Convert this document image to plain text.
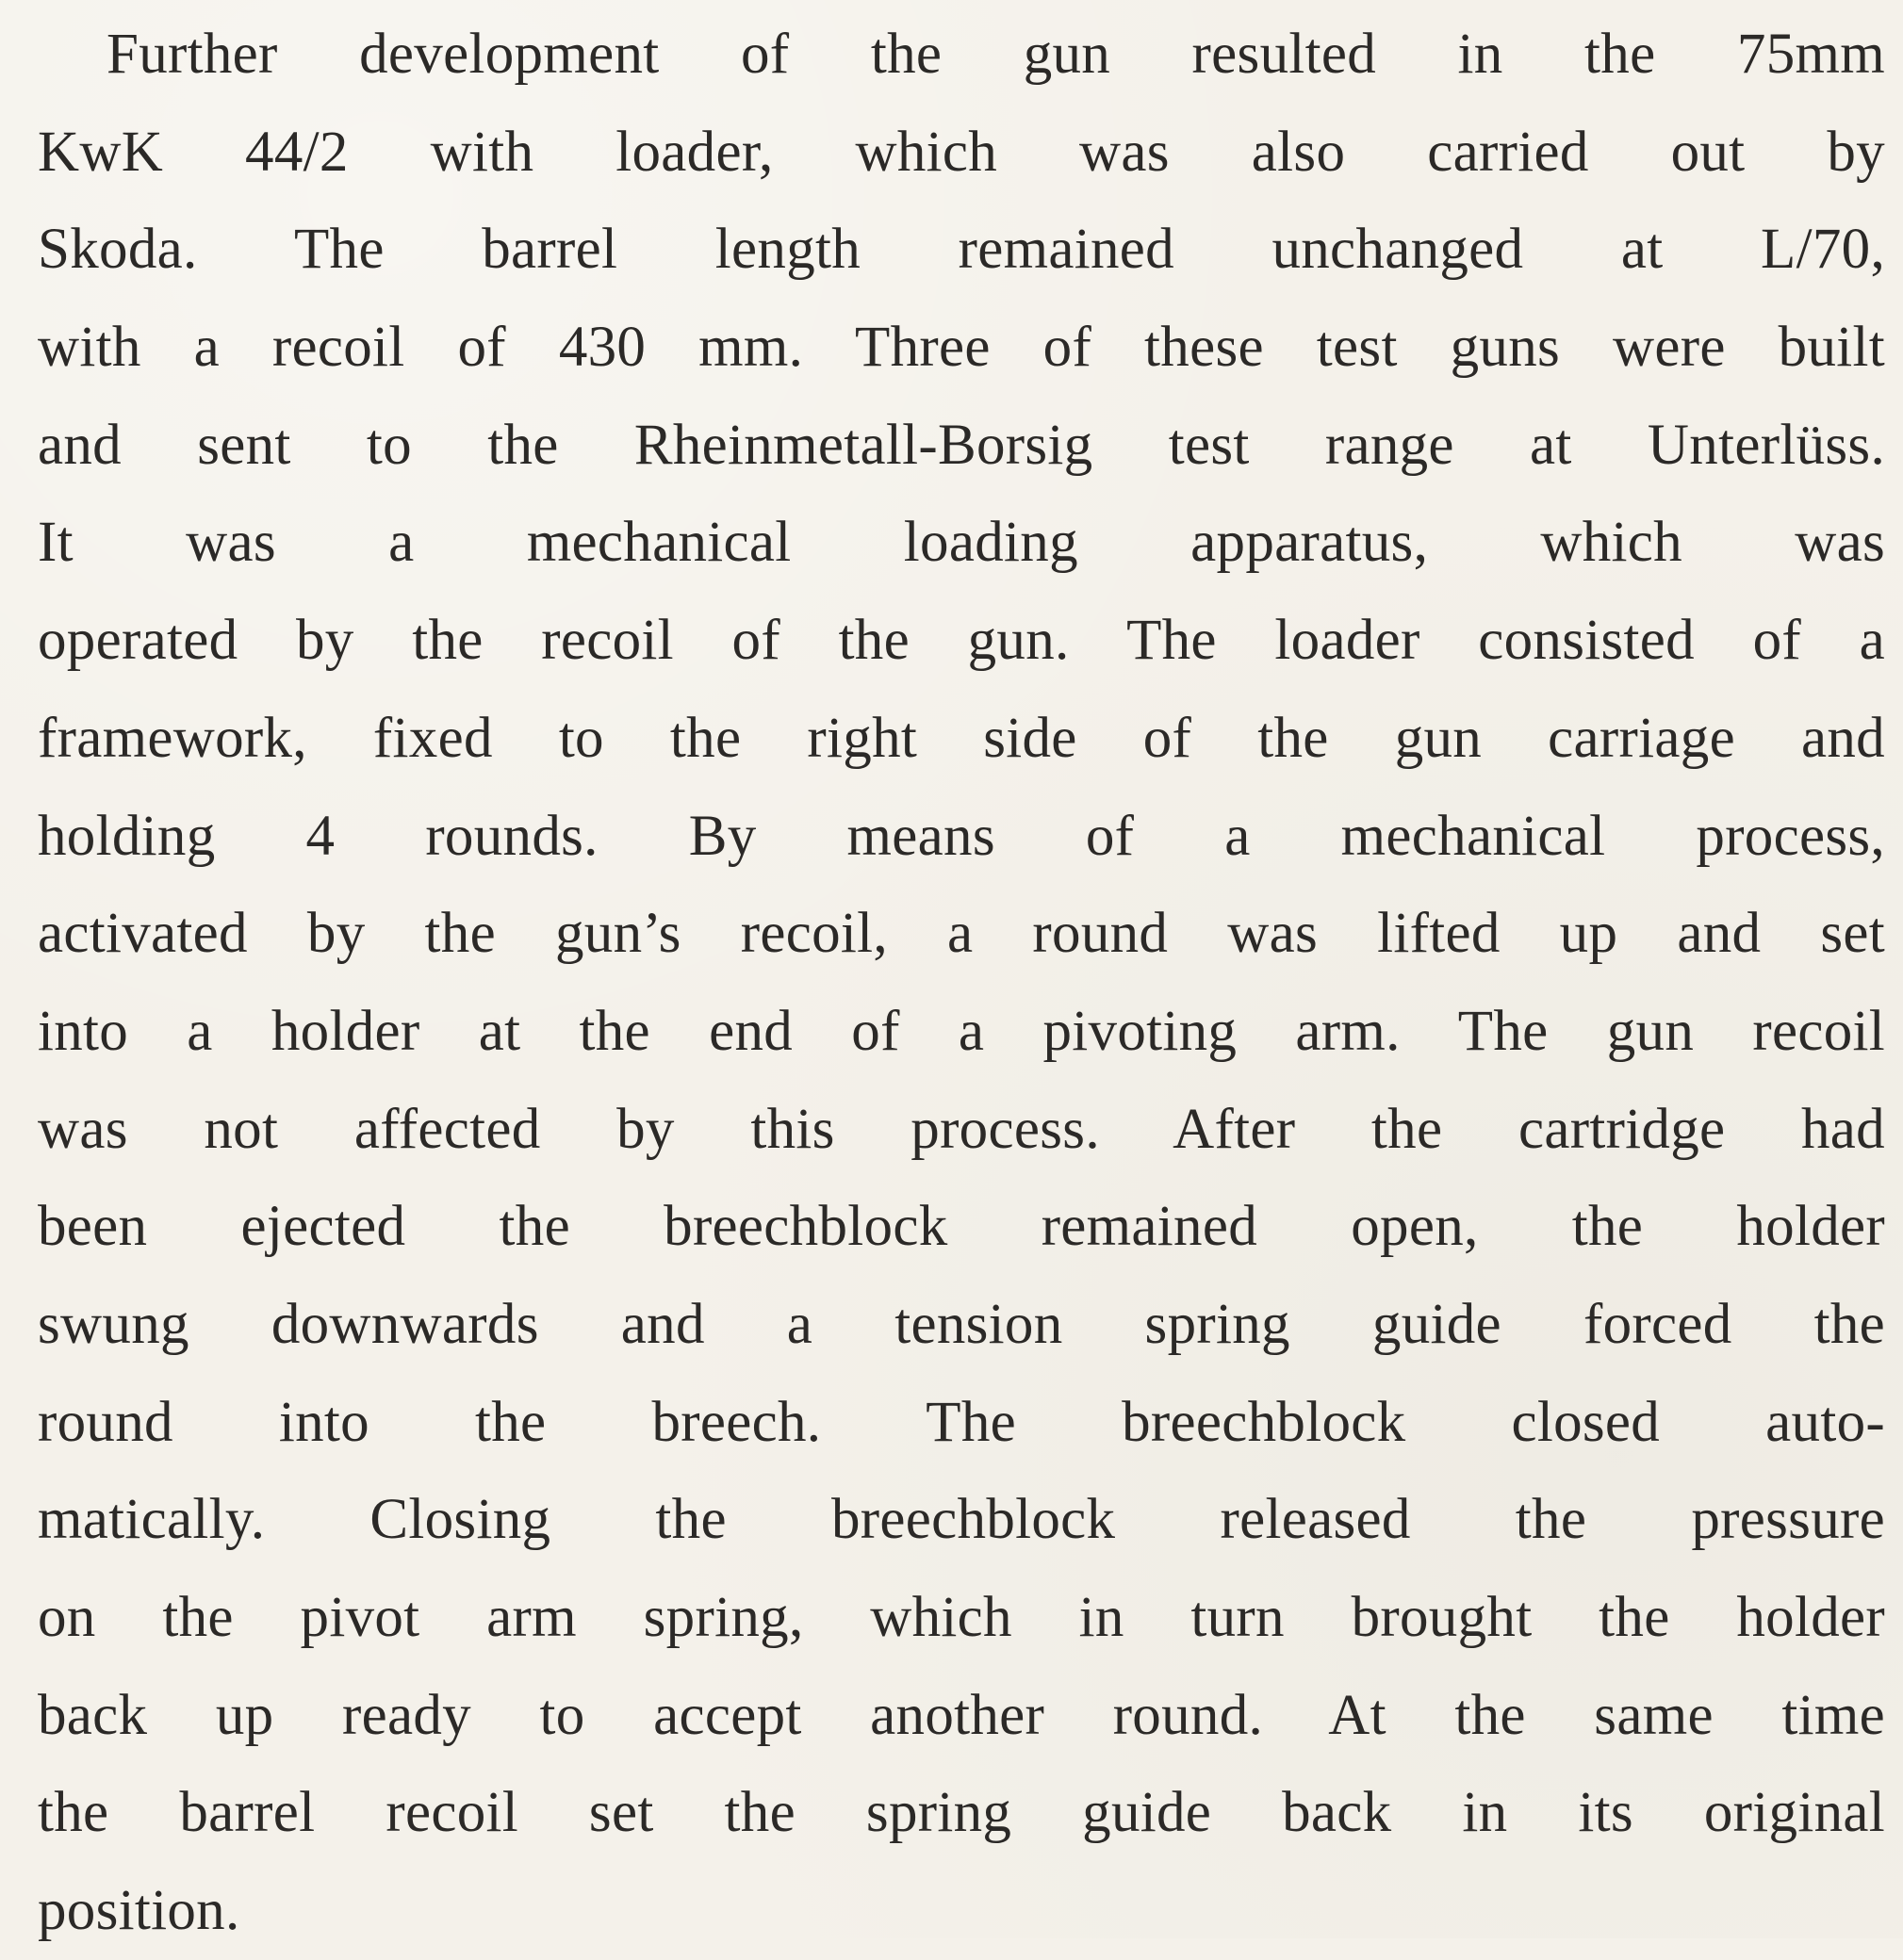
Further development of the gun resulted in the 75mm
KwK 44/2 with loader, which was also carried out by
Skoda. The barrel length remained unchanged at L/70,
with a recoil of 430 mm. Three of these test guns were built
and sent to the Rheinmetall-Borsig test range at Unterlüss.
It was a mechanical loading apparatus, which was
operated by the recoil of the gun. The loader consisted of a
framework, fixed to the right side of the gun carriage and
holding 4 rounds. By means of a mechanical process,
activated by the gun’s recoil, a round was lifted up and set
into a holder at the end of a pivoting arm. The gun recoil
was not affected by this process. After the cartridge had
been ejected the breechblock remained open, the holder
swung downwards and a tension spring guide forced the
round into the breech. The breechblock closed auto-
matically. Closing the breechblock released the pressure
on the pivot arm spring, which in turn brought the holder
back up ready to accept another round. At the same time
the barrel recoil set the spring guide back in its original
position.
